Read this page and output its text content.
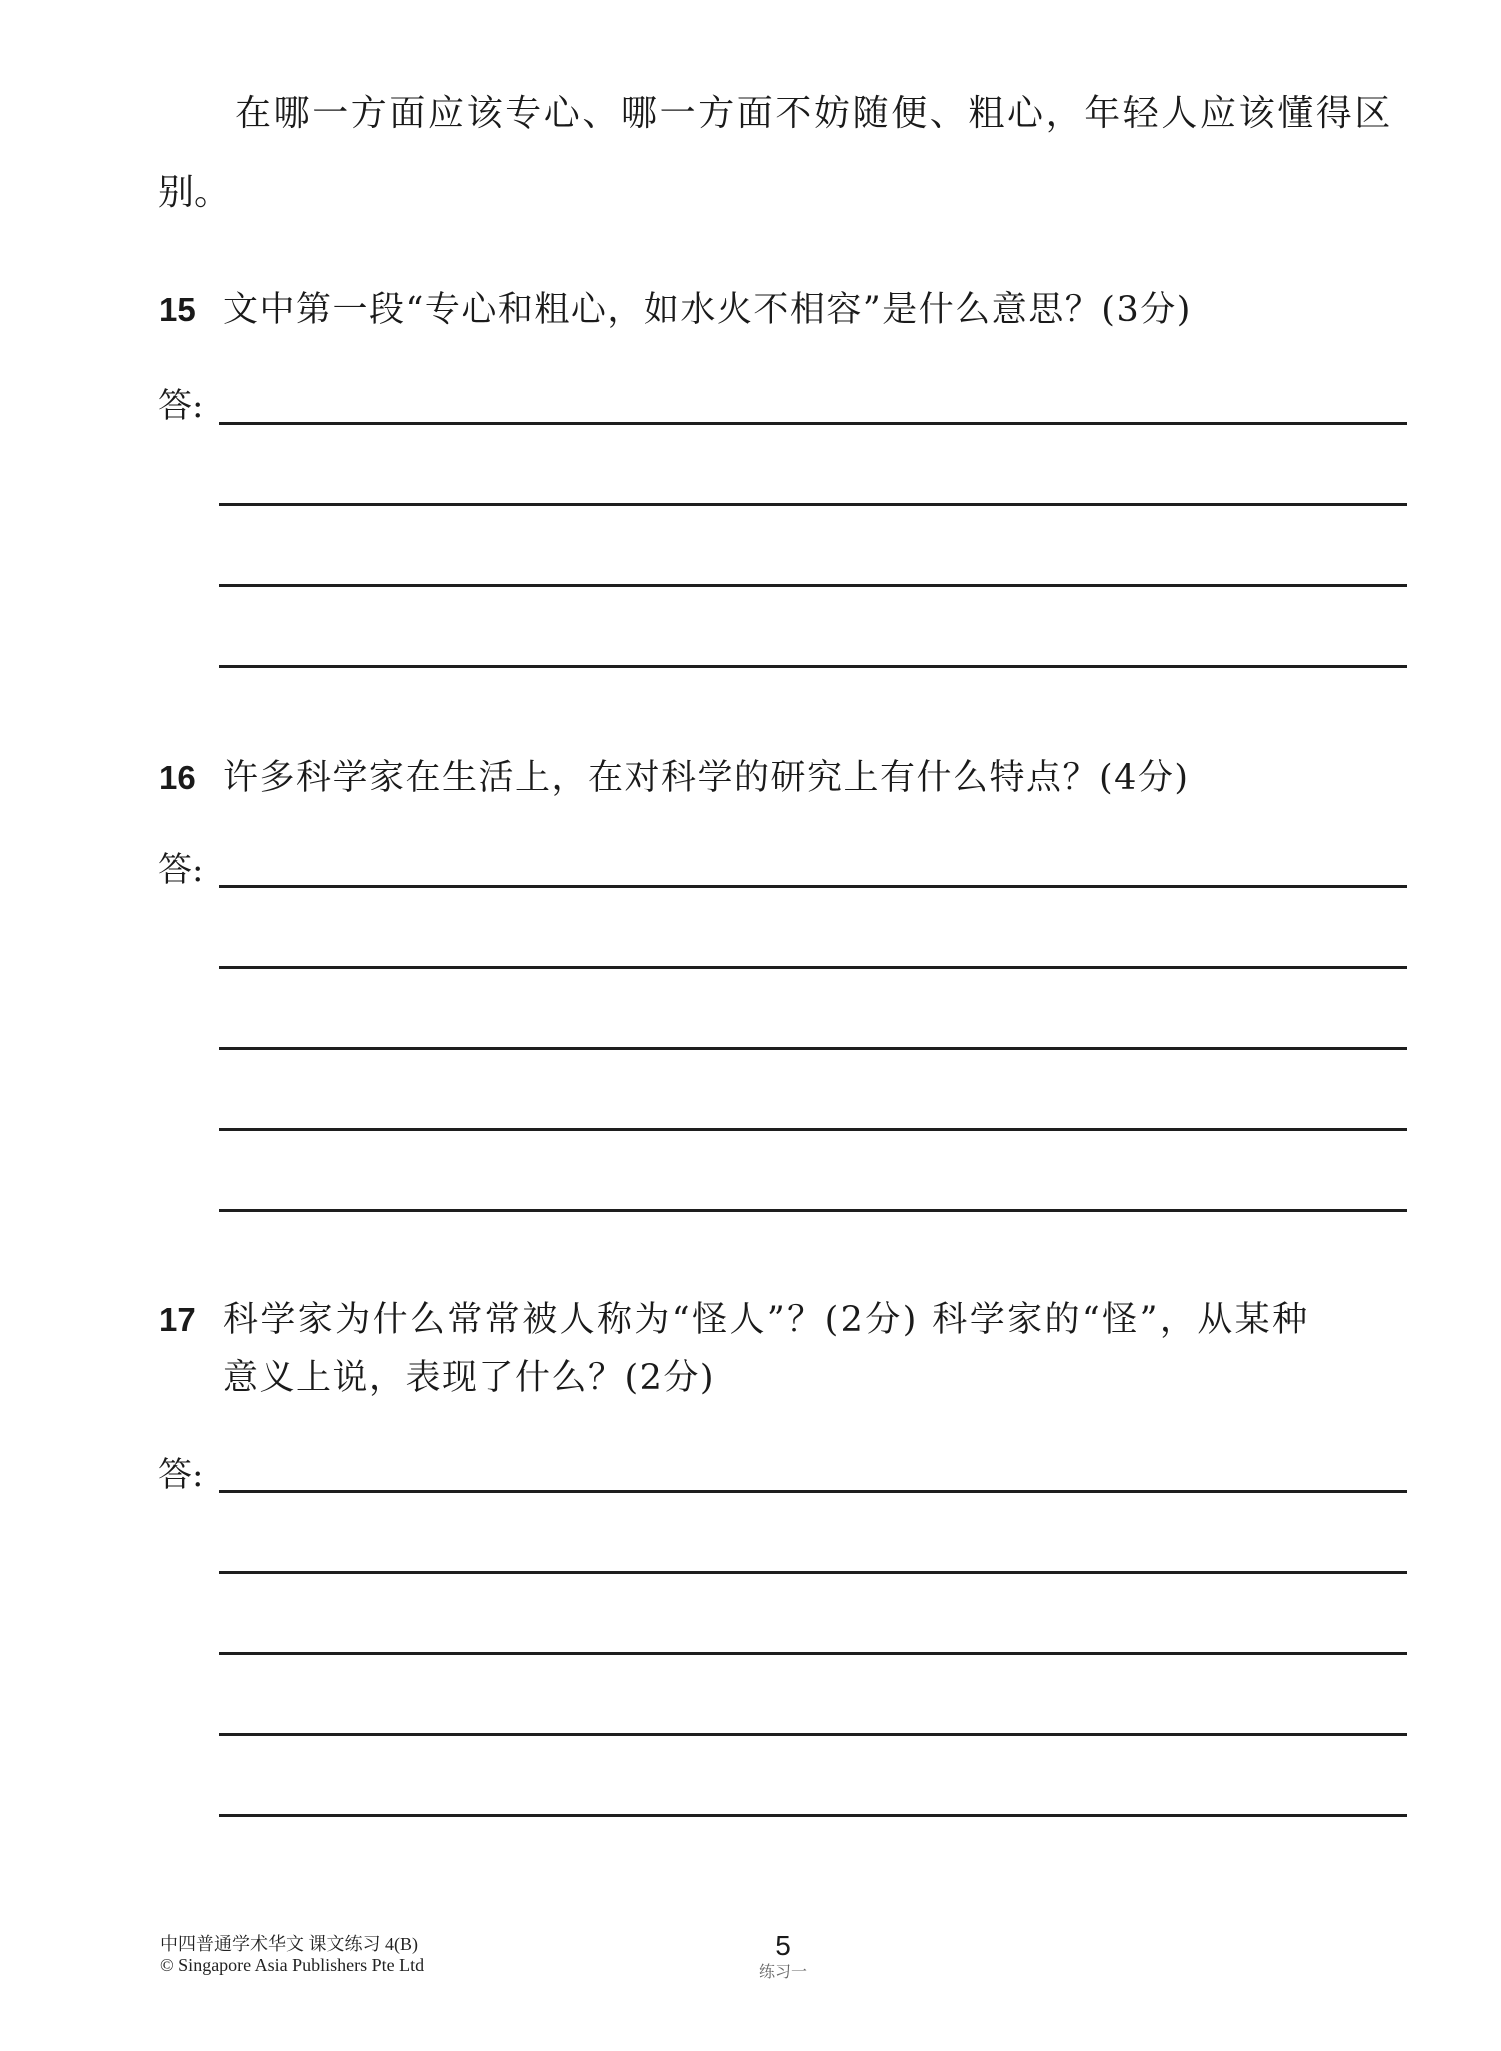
在哪一方面应该专心、哪一方面不妨随便、粗心，年轻人应该懂得区
别。
15 文中第一段“专心和粗心，如水火不相容”是什么意思？(3分)
答:
16 许多科学家在生活上，在对科学的研究上有什么特点？(4分)
答:
17 科学家为什么常常被人称为“怪人”？(2分) 科学家的“怪”，从某种
意义上说，表现了什么？(2分)
答:
中四普通学术华文 课文练习 4(B)
© Singapore Asia Publishers Pte Ltd
5
练习一
